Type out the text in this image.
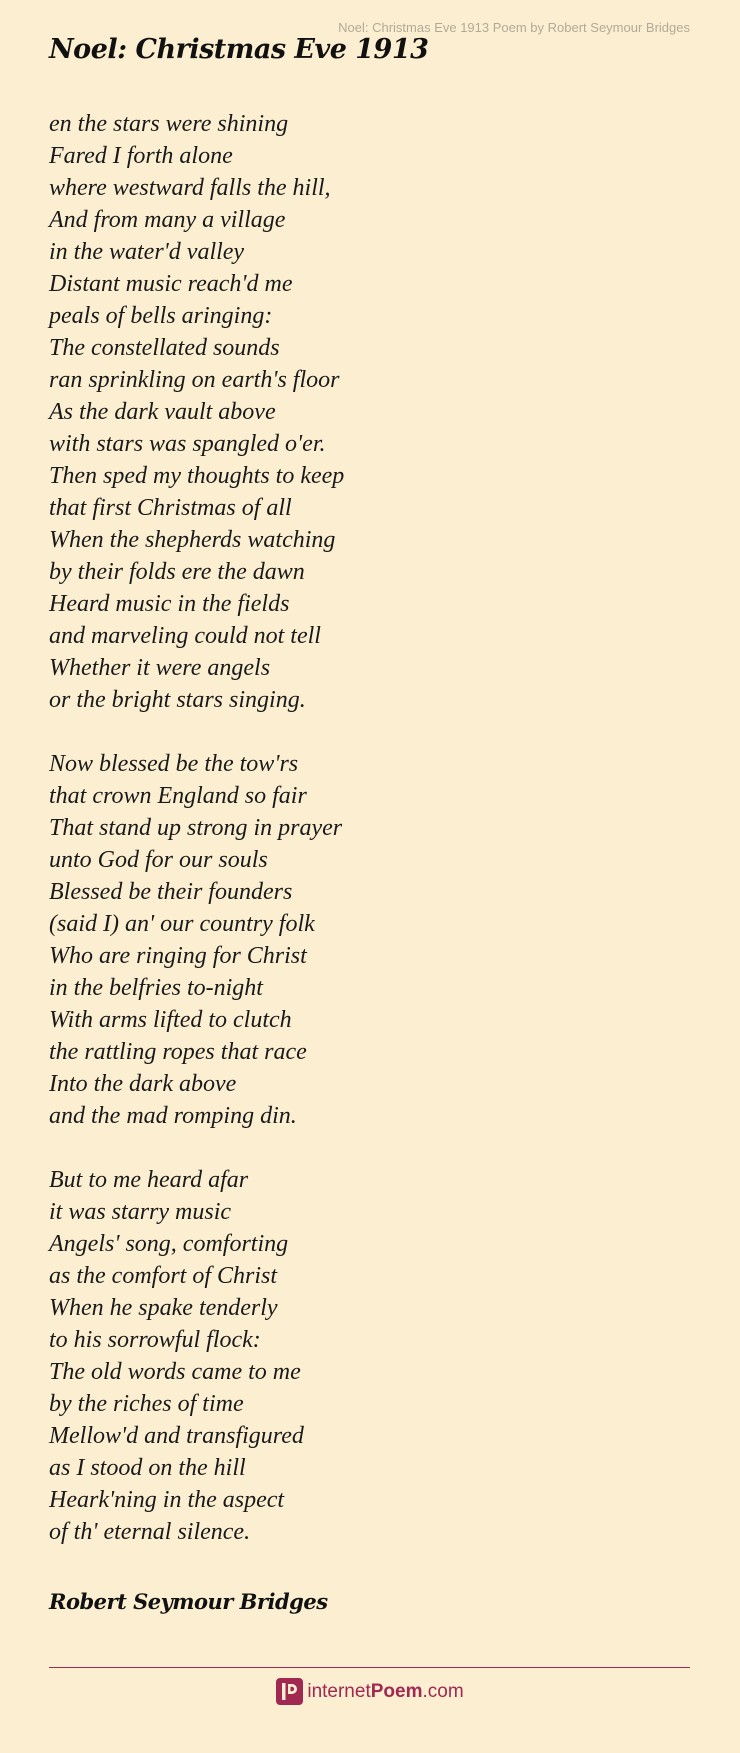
Noel: Christmas Eve 1913 Poem by Robert Seymour Bridges
Noel: Christmas Eve 1913
en the stars were shining
Fared I forth alone
where westward falls the hill,
And from many a village
in the water'd valley
Distant music reach'd me
peals of bells aringing:
The constellated sounds
ran sprinkling on earth's floor
As the dark vault above
with stars was spangled o'er.
Then sped my thoughts to keep
that first Christmas of all
When the shepherds watching
by their folds ere the dawn
Heard music in the fields
and marveling could not tell
Whether it were angels
or the bright stars singing.
Now blessed be the tow'rs
that crown England so fair
That stand up strong in prayer
unto God for our souls
Blessed be their founders
(said I) an' our country folk
Who are ringing for Christ
in the belfries to-night
With arms lifted to clutch
the rattling ropes that race
Into the dark above
and the mad romping din.
But to me heard afar
it was starry music
Angels' song, comforting
as the comfort of Christ
When he spake tenderly
to his sorrowful flock:
The old words came to me
by the riches of time
Mellow'd and transfigured
as I stood on the hill
Heark'ning in the aspect
of th' eternal silence.
Robert Seymour Bridges
internetPoem.com
